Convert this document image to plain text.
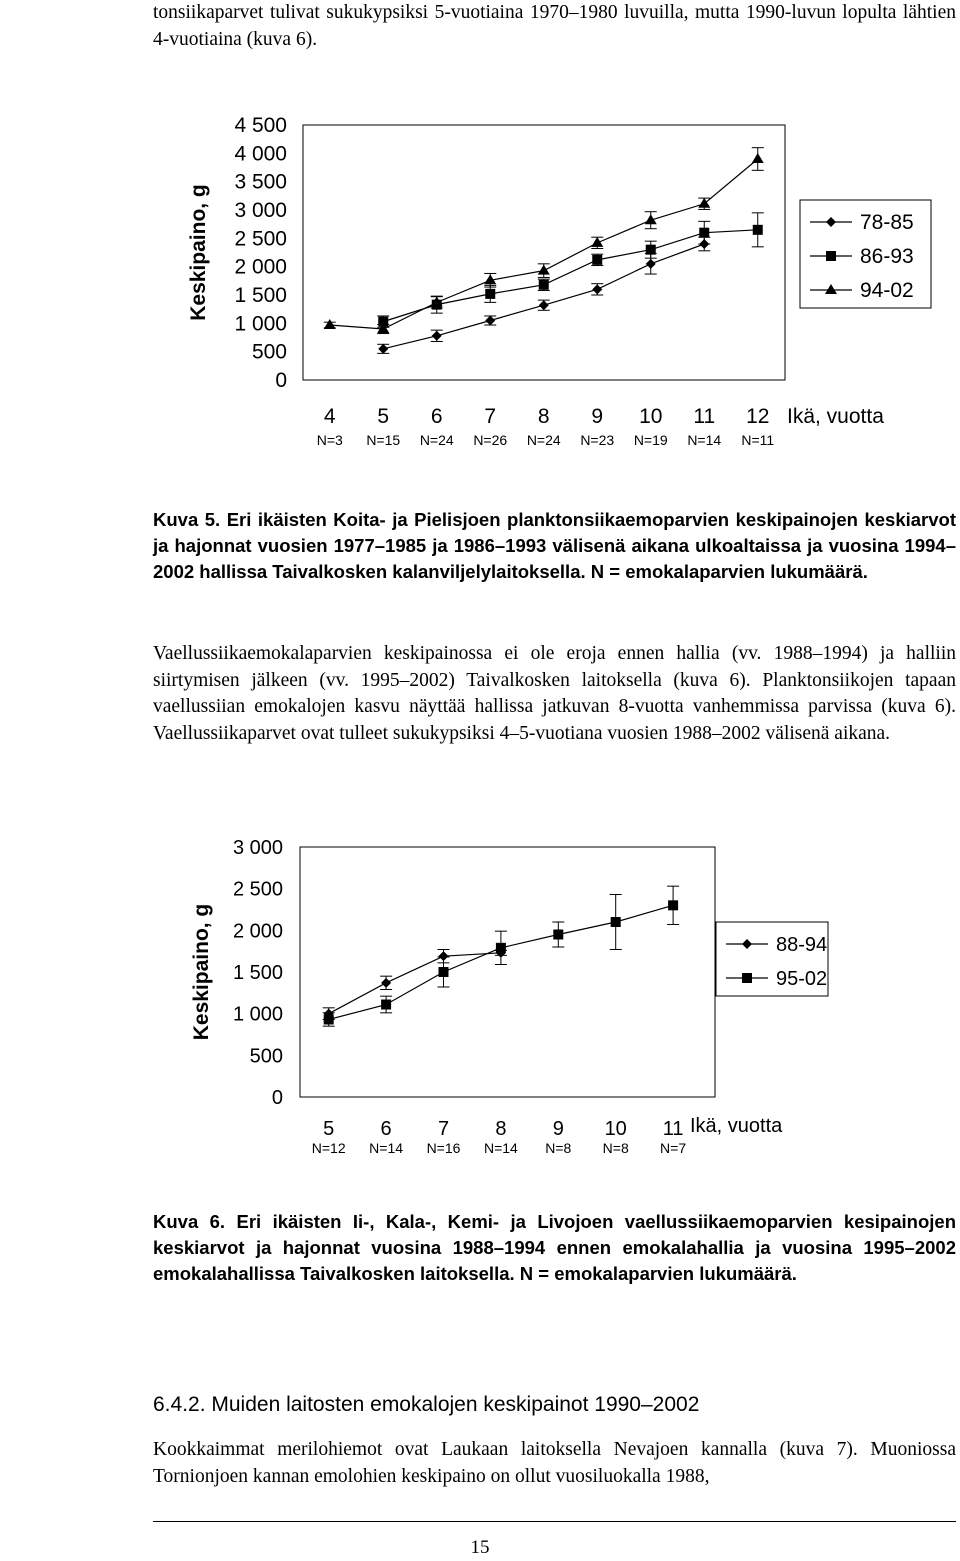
tonsiikaparvet tulivat sukukypsiksi 5-vuotiaina 1970–1980 luvuilla, mutta 1990-luvun lopulta lähtien 4-vuotiaina (kuva 6).

0
500
1 000
1 500
2 000
2 500
3 000
3 500
4 000
4 500
Keskipaino, g
4
N=3
5
N=15
6
N=24
7
N=26
8
N=24
9
N=23
10
N=19
11
N=14
12
N=11
Ikä, vuotta
78-85
86-93
94-02
Kuva 5. Eri ikäisten Koita- ja Pielisjoen planktonsiikaemoparvien keskipainojen keskiarvot ja hajonnat vuosien 1977–1985 ja 1986–1993 välisenä aikana ulkoaltaissa ja vuosina 1994–2002 hallissa Taivalkosken kalanviljelylaitoksella. N = emokalaparvien lukumäärä.

Vaellussiikaemokalaparvien keskipainossa ei ole eroja ennen hallia (vv. 1988–1994) ja halliin siirtymisen jälkeen (vv. 1995–2002) Taivalkosken laitoksella (kuva 6). Planktonsiikojen tapaan vaellussiian emokalojen kasvu näyttää hallissa jatkuvan 8-vuotta vanhemmissa parvissa (kuva 6). Vaellussiikaparvet ovat tulleet sukukypsiksi 4–5-vuotiana vuosien 1988–2002 välisenä aikana.

0
500
1 000
1 500
2 000
2 500
3 000
Keskipaino, g
5
N=12
6
N=14
7
N=16
8
N=14
9
N=8
10
N=8
11
N=7
Ikä, vuotta
88-94
95-02
Kuva 6. Eri ikäisten Ii-, Kala-, Kemi- ja Livojoen vaellussiikaemoparvien kesipainojen keskiarvot ja hajonnat vuosina 1988–1994 ennen emokalahallia ja vuosina 1995–2002 emokalahallissa Taivalkosken laitoksella. N = emokalaparvien lukumäärä.
6.4.2. Muiden laitosten emokalojen keskipainot 1990–2002

Kookkaimmat merilohiemot ovat Laukaan laitoksella Nevajoen kannalla (kuva 7). Muoniossa Tornionjoen kannan emolohien keskipaino on ollut vuosiluokalla 1988,

15
